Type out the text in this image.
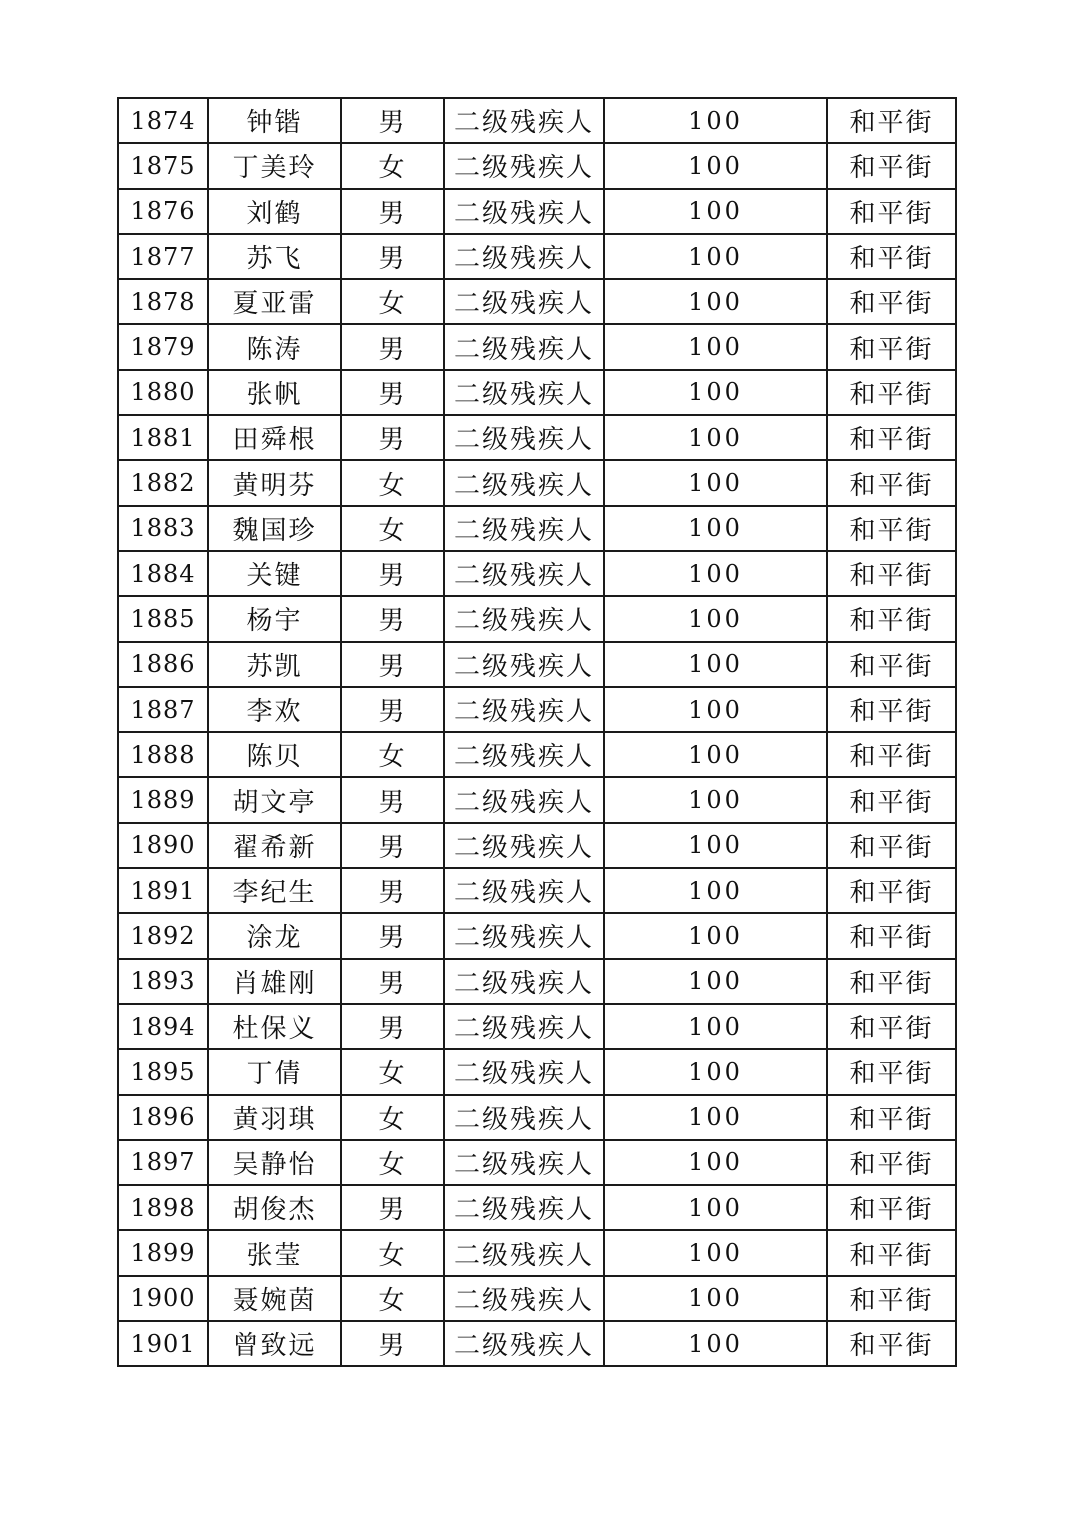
1874	钟锴	男	二级残疾人	100	和平街
1875	丁美玲	女	二级残疾人	100	和平街
1876	刘鹤	男	二级残疾人	100	和平街
1877	苏飞	男	二级残疾人	100	和平街
1878	夏亚雷	女	二级残疾人	100	和平街
1879	陈涛	男	二级残疾人	100	和平街
1880	张帆	男	二级残疾人	100	和平街
1881	田舜根	男	二级残疾人	100	和平街
1882	黄明芬	女	二级残疾人	100	和平街
1883	魏国珍	女	二级残疾人	100	和平街
1884	关键	男	二级残疾人	100	和平街
1885	杨宇	男	二级残疾人	100	和平街
1886	苏凯	男	二级残疾人	100	和平街
1887	李欢	男	二级残疾人	100	和平街
1888	陈贝	女	二级残疾人	100	和平街
1889	胡文亭	男	二级残疾人	100	和平街
1890	翟希新	男	二级残疾人	100	和平街
1891	李纪生	男	二级残疾人	100	和平街
1892	涂龙	男	二级残疾人	100	和平街
1893	肖雄刚	男	二级残疾人	100	和平街
1894	杜保义	男	二级残疾人	100	和平街
1895	丁倩	女	二级残疾人	100	和平街
1896	黄羽琪	女	二级残疾人	100	和平街
1897	吴静怡	女	二级残疾人	100	和平街
1898	胡俊杰	男	二级残疾人	100	和平街
1899	张莹	女	二级残疾人	100	和平街
1900	聂婉茵	女	二级残疾人	100	和平街
1901	曾致远	男	二级残疾人	100	和平街
